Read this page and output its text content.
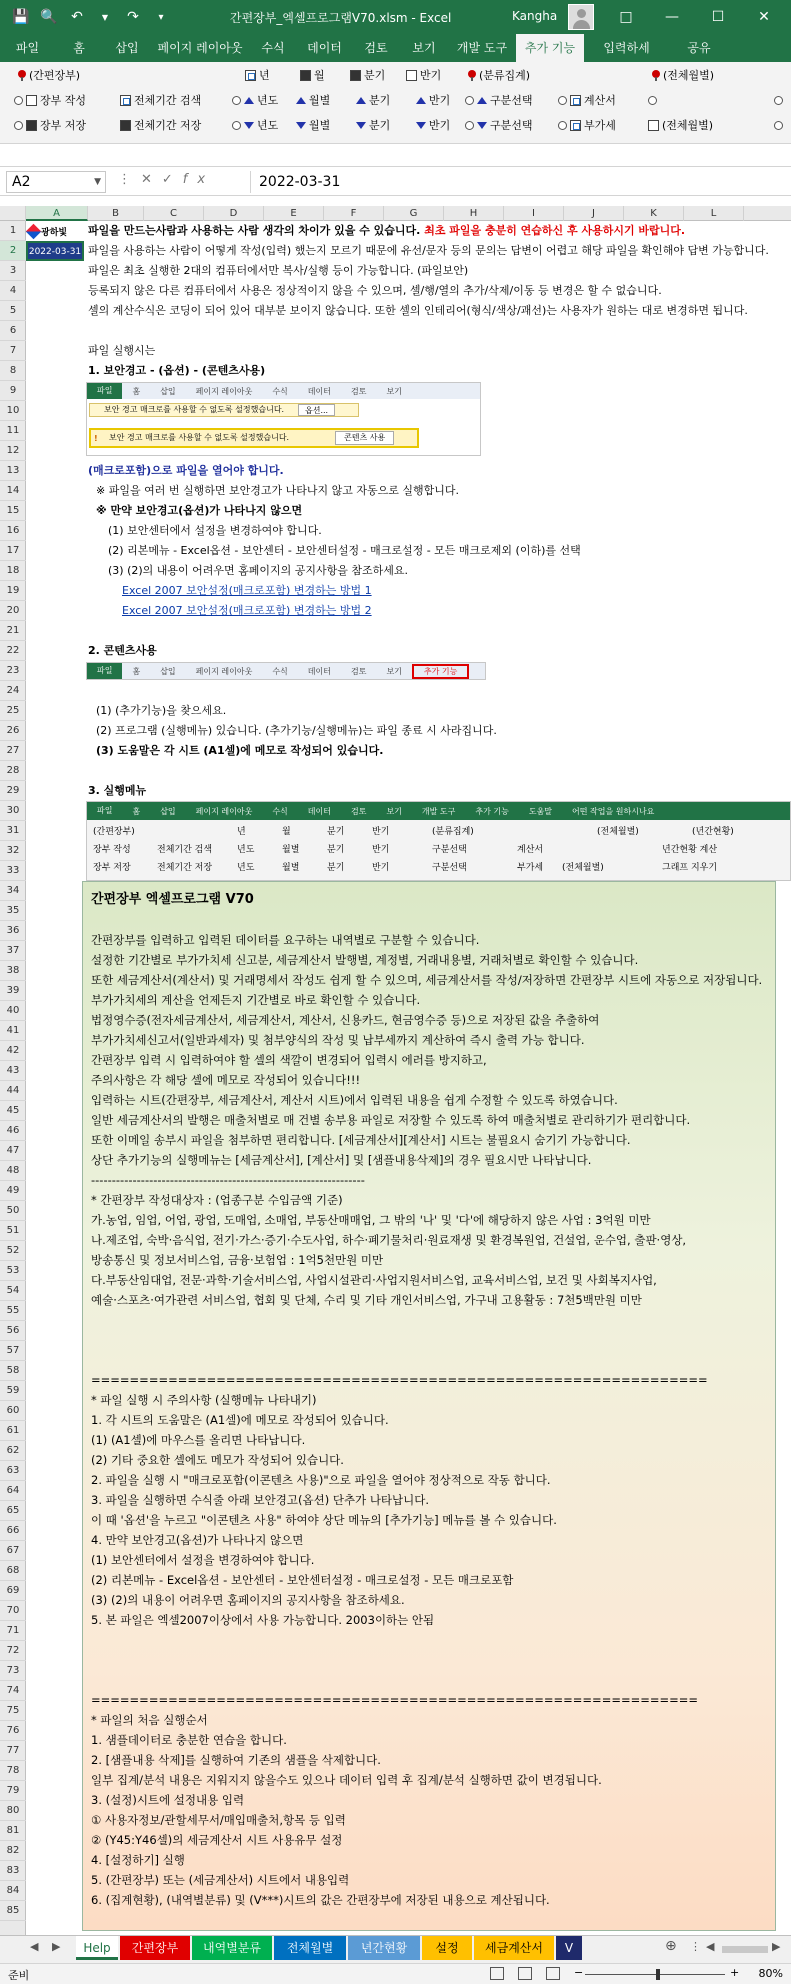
💾 🔍 ↶	▼	↷	▾	간편장부_엑셀프로그램V70.xlsm - Excel	Kangha	□	—	☐	✕
파일	홈	삽입	페이지 레이아웃	수식	데이터	검토	보기	개발 도구	추가 기능	입력하세	공유
(간편장부)	년	월	분기	반기	(분류집계)	(전체월별)
장부 작성	전체기간 검색	년도	월별	분기	반기	구분선택	계산서
장부 저장	전체기간 저장	년도	월별	분기	반기	구분선택	부가세	(전체월별)
A2	▼ ⋮✕✓fx	2022-03-31
A	B	C	D	E	F	G	H	I	J	K	L
1
2
3
4
5
6
7
8
9
10
11
12
13
14
15
16
17
18
19
20
21
22
23
24
25
26
27
28
29
30
31
32
33
34
35
36
37
38
39
40
41
42
43
44
45
46
47
48
49
50
51
52
53
54
55
56
57
58
59
60
61
62
63
64
65
66
67
68
69
70
71
72
73
74
75
76
77
78
79
80
81
82
83
84
85
광하빛
2022-03-31
파일을 만드는사람과 사용하는 사람 생각의 차이가 있을 수 있습니다. 최초 파일을 충분히 연습하신 후 사용하시기 바랍니다.
파일을 사용하는 사람이 어떻게 작성(입력) 했는지 모르기 때문에 유선/문자 등의 문의는 답변이 어렵고 해당 파일을 확인해야 답변 가능합니다.
파일은 최초 실행한 2대의 컴퓨터에서만 복사/실행 등이 가능합니다. (파일보안)
등록되지 않은 다른 컴퓨터에서 사용은 정상적이지 않을 수 있으며, 셀/행/열의 추가/삭제/이동 등 변경은 할 수 없습니다.
셀의 계산수식은 코딩이 되어 있어 대부분 보이지 않습니다. 또한 셀의 인테리어(형식/색상/괘선)는 사용자가 원하는 대로 변경하면 됩니다.
파일 실행시는
1. 보안경고 - (옵션) - (콘텐츠사용)
파일	홈	삽입	페이지 레이아웃	수식	데이터	검토	보기
보안 경고 매크로를 사용할 수 없도록 설정했습니다.	옵션...
! 보안 경고 매크로를 사용할 수 없도록 설정했습니다.	콘텐츠 사용
(매크로포함)으로 파일을 열어야 합니다.
※ 파일을 여러 번 실행하면 보안경고가 나타나지 않고 자동으로 실행합니다.
※ 만약 보안경고(옵션)가 나타나지 않으면
(1) 보안센터에서 설정을 변경하여야 합니다.
(2) 리본메뉴 - Excel옵션 - 보안센터 - 보안센터설정 - 매크로설정 - 모든 매크로제외 (이하)를 선택
(3) (2)의 내용이 어려우면 홈페이지의 공지사항을 참조하세요.
Excel 2007 보안설정(매크로포함) 변경하는 방법 1
Excel 2007 보안설정(매크로포함) 변경하는 방법 2
2. 콘텐츠사용
파일	홈	삽입	페이지 레이아웃	수식	데이터	검토	보기	추가 기능
(1) (추가기능)을 찾으세요.
(2) 프로그램 (실행메뉴) 있습니다. (추가기능/실행메뉴)는 파일 종료 시 사라집니다.
(3) 도움말은 각 시트 (A1셀)에 메모로 작성되어 있습니다.
3. 실행메뉴
파일	홈	삽입	페이지 레이아웃	수식	데이터	검토	보기	개발 도구	추가 기능	도움말	어떤 작업을 원하시나요
(간편장부)	년	월	분기	반기	(분류집계)	(전체월별)	(년간현황)
장부 작성	전체기간 검색	년도	월별	분기	반기	구분선택	계산서	년간현황 계산
장부 저장	전체기간 저장	년도	월별	분기	반기	구분선택	부가세 (전체월별)	그래프 지우기
간편장부 엑셀프로그램 V70
간편장부를 입력하고 입력된 데이터를 요구하는 내역별로 구분할 수 있습니다.
설정한 기간별로 부가가치세 신고분, 세금계산서 발행별, 계정별, 거래내용별, 거래처별로 확인할 수 있습니다.
또한 세금계산서(계산서) 및 거래명세서 작성도 쉽게 할 수 있으며, 세금계산서를 작성/저장하면 간편장부 시트에 자동으로 저장됩니다.
부가가치세의 계산을 언제든지 기간별로 바로 확인할 수 있습니다.
법정영수증(전자세금계산서, 세금계산서, 계산서, 신용카드, 현금영수증 등)으로 저장된 값을 추출하여
부가가치세신고서(일반과세자) 및 첨부양식의 작성 및 납부세까지 계산하여 즉시 출력 가능 합니다.
간편장부 입력 시 입력하여야 할 셀의 색깔이 변경되어 입력시 에러를 방지하고,
주의사항은 각 해당 셀에 메모로 작성되어 있습니다!!!
입력하는 시트(간편장부, 세금계산서, 계산서 시트)에서 입력된 내용을 쉽게 수정할 수 있도록 하였습니다.
일반 세금계산서의 발행은 매출처별로 매 건별 송부용 파일로 저장할 수 있도록 하여 매출처별로 관리하기가 편리합니다.
또한 이메일 송부시 파일을 첨부하면 편리합니다. [세금계산서][계산서] 시트는 불필요시 숨기기 가능합니다.
상단 추가기능의 실행메뉴는 [세금계산서], [계산서] 및 [샘플내용삭제]의 경우 필요시만 나타납니다.
------------------------------------------------------------------
* 간편장부 작성대상자 : (업종구분 수입금액 기준)
가.농업, 임업, 어업, 광업, 도매업, 소매업, 부동산매매업, 그 밖의 '나' 및 '다'에 해당하지 않은 사업 : 3억원 미만
나.제조업, 숙박·음식업, 전기·가스·증기·수도사업, 하수·폐기물처리·원료재생 및 환경복원업, 건설업, 운수업, 출판·영상,
방송통신 및 정보서비스업, 금융·보험업 : 1억5천만원 미만
다.부동산임대업, 전문·과학·기술서비스업, 사업시설관리·사업지원서비스업, 교육서비스업, 보건 및 사회복지사업,
예술·스포츠·여가관련 서비스업, 협회 및 단체, 수리 및 기타 개인서비스업, 가구내 고용활동 : 7천5백만원 미만
================================================================
* 파일 실행 시 주의사항 (실행메뉴 나타내기)
1. 각 시트의 도움말은 (A1셀)에 메모로 작성되어 있습니다.
(1) (A1셀)에 마우스를 올리면 나타납니다.
(2) 기타 중요한 셀에도 메모가 작성되어 있습니다.
2. 파일을 실행 시 "매크로포함(이콘텐츠 사용)"으로 파일을 열어야 정상적으로 작동 합니다.
3. 파일을 실행하면 수식줄 아래 보안경고(옵션) 단추가 나타납니다.
이 때 '옵션'을 누르고 "이콘텐츠 사용" 하여야 상단 메뉴의 [추가기능] 메뉴를 볼 수 있습니다.
4. 만약 보안경고(옵션)가 나타나지 않으면
(1) 보안센터에서 설정을 변경하여야 합니다.
(2) 리본메뉴 - Excel옵션 - 보안센터 - 보안센터설정 - 매크로설정 - 모든 매크로포함
(3) (2)의 내용이 어려우면 홈페이지의 공지사항을 참조하세요.
5. 본 파일은 엑셀2007이상에서 사용 가능합니다. 2003이하는 안됨
===============================================================
* 파일의 처음 실행순서
1. 샘플데이터로 충분한 연습을 합니다.
2. [샘플내용 삭제]를 실행하여 기존의 샘플을 삭제합니다.
일부 집계/분석 내용은 지워지지 않을수도 있으나 데이터 입력 후 집계/분석 실행하면 값이 변경됩니다.
3. (설정)시트에 설정내용 입력
① 사용자정보/관할세무서/매입매출처,항목 등 입력
② (Y45:Y46셀)의 세금계산서 시트 사용유무 설정
4. [설정하기] 실행
5. (간편장부) 또는 (세금계산서) 시트에서 내용입력
6. (집계현황), (내역별분류) 및 (V***)시트의 값은 간편장부에 저장된 내용으로 계산됩니다.
◀ ▶	Help	간편장부	내역별분류	전체월별	년간현황	설정	세금계산서	V	⊕ ⋮ ◀	▶
준비	−	+ 80%
